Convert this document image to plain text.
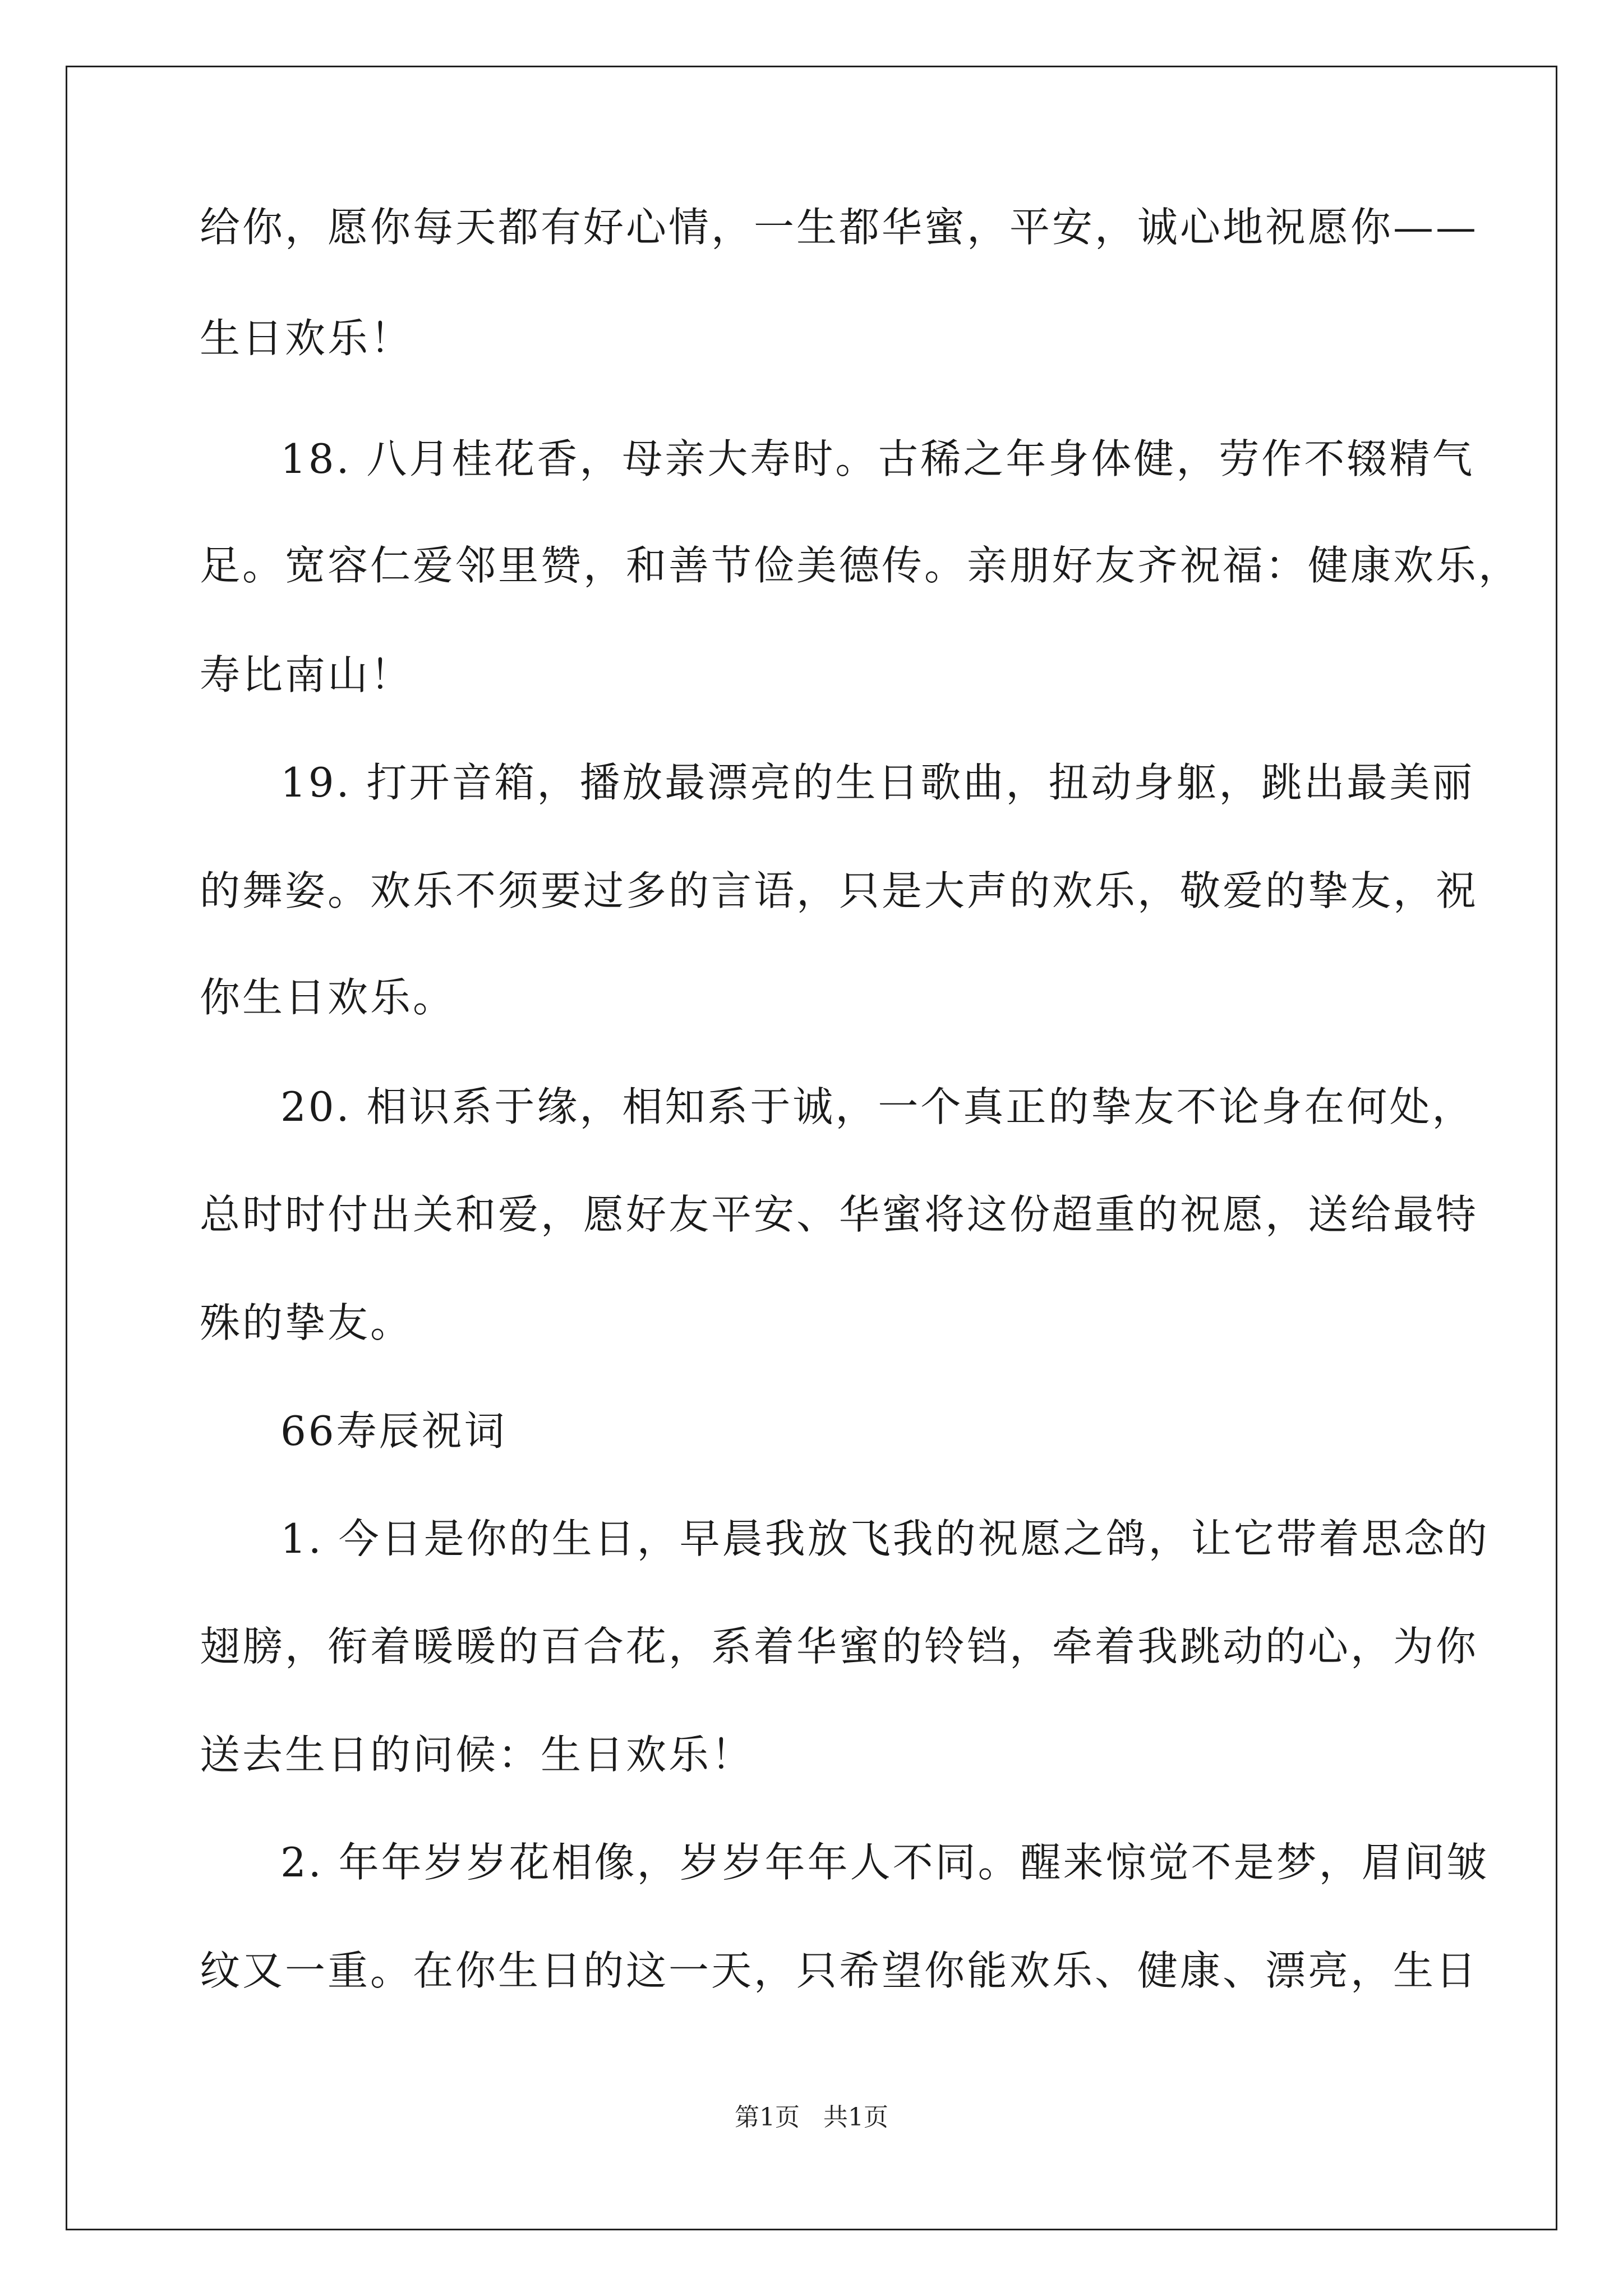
给你，愿你每天都有好心情，一生都华蜜，平安，诚心地祝愿你——
生日欢乐！
18. 八月桂花香，母亲大寿时。古稀之年身体健，劳作不辍精气
足。宽容仁爱邻里赞，和善节俭美德传。亲朋好友齐祝福：健康欢乐，
寿比南山！
19. 打开音箱，播放最漂亮的生日歌曲，扭动身躯，跳出最美丽
的舞姿。欢乐不须要过多的言语，只是大声的欢乐，敬爱的挚友，祝
你生日欢乐。
20. 相识系于缘，相知系于诚，一个真正的挚友不论身在何处，
总时时付出关和爱，愿好友平安、华蜜将这份超重的祝愿，送给最特
殊的挚友。
66寿辰祝词
1. 今日是你的生日，早晨我放飞我的祝愿之鸽，让它带着思念的
翅膀，衔着暖暖的百合花，系着华蜜的铃铛，牵着我跳动的心，为你
送去生日的问候：生日欢乐！
2. 年年岁岁花相像，岁岁年年人不同。醒来惊觉不是梦，眉间皱
纹又一重。在你生日的这一天，只希望你能欢乐、健康、漂亮，生日
第1页   共1页
